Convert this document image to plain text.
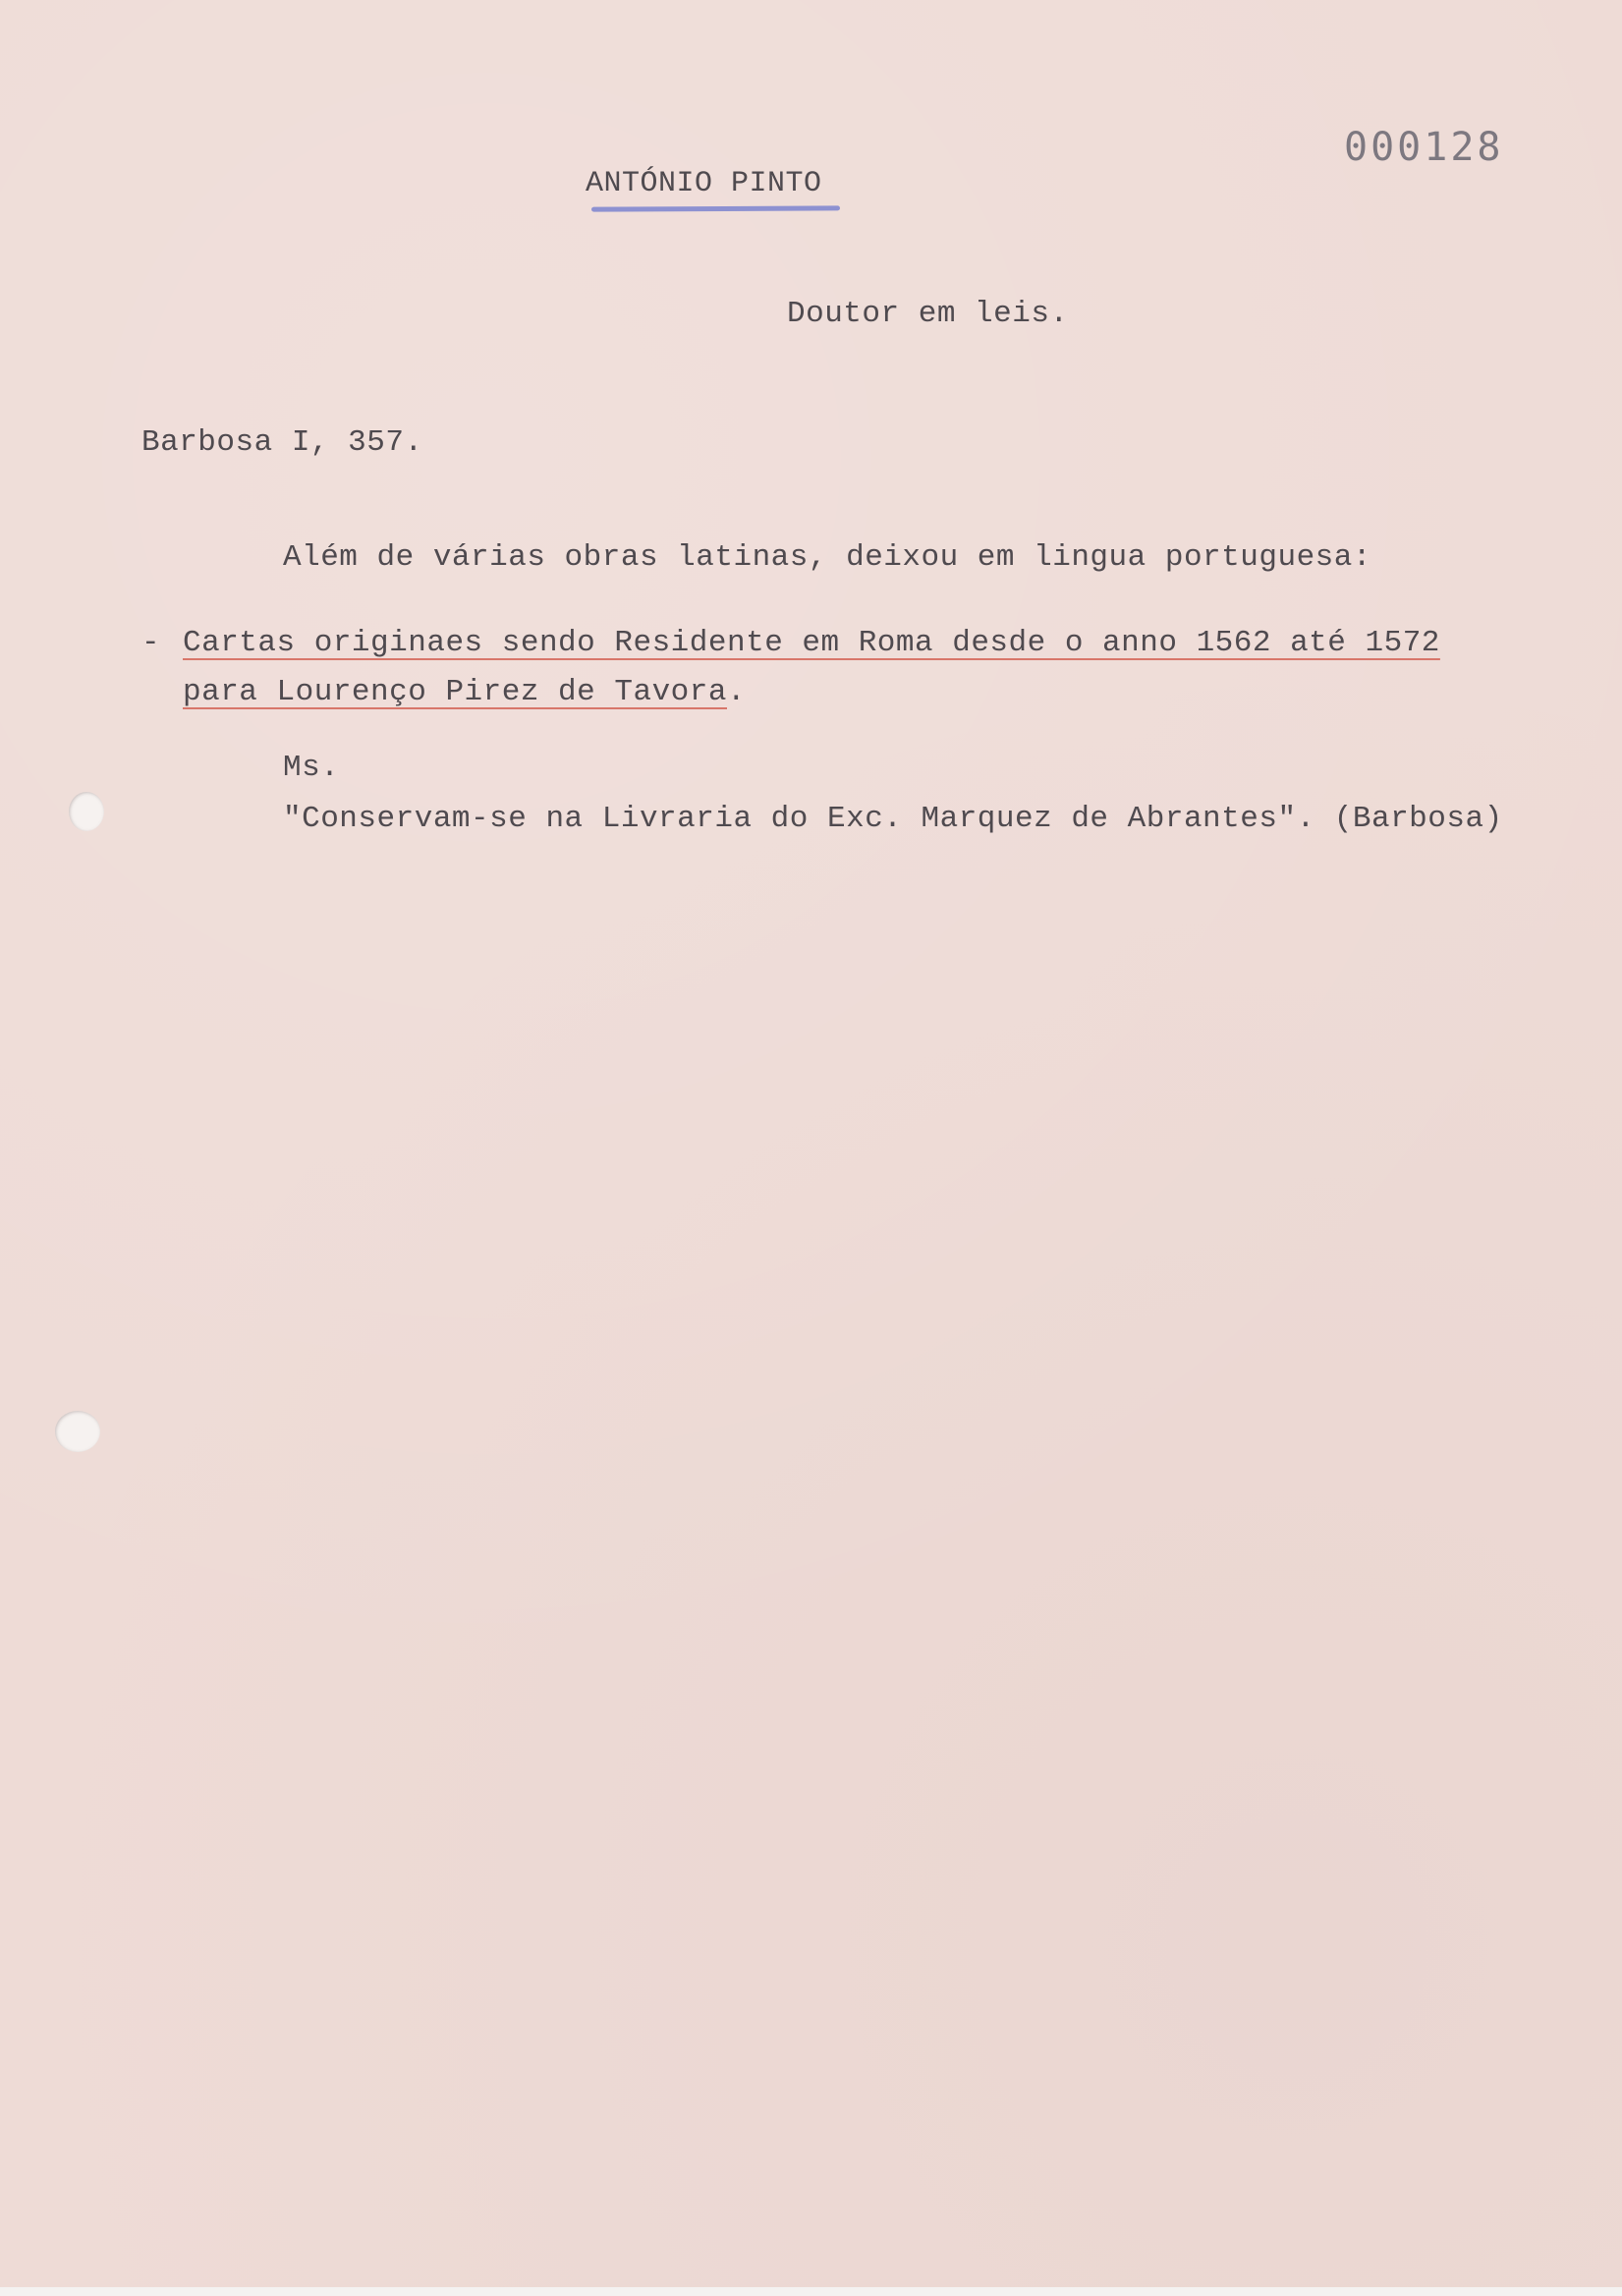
000128
ANTÓNIO PINTO
Doutor em leis.
Barbosa I, 357.
Além de várias obras latinas, deixou em lingua portuguesa:
- Cartas originaes sendo Residente em Roma desde o anno 1562 até 1572
para Lourenço Pirez de Tavora.
Ms.
"Conservam-se na Livraria do Exc. Marquez de Abrantes". (Barbosa)
